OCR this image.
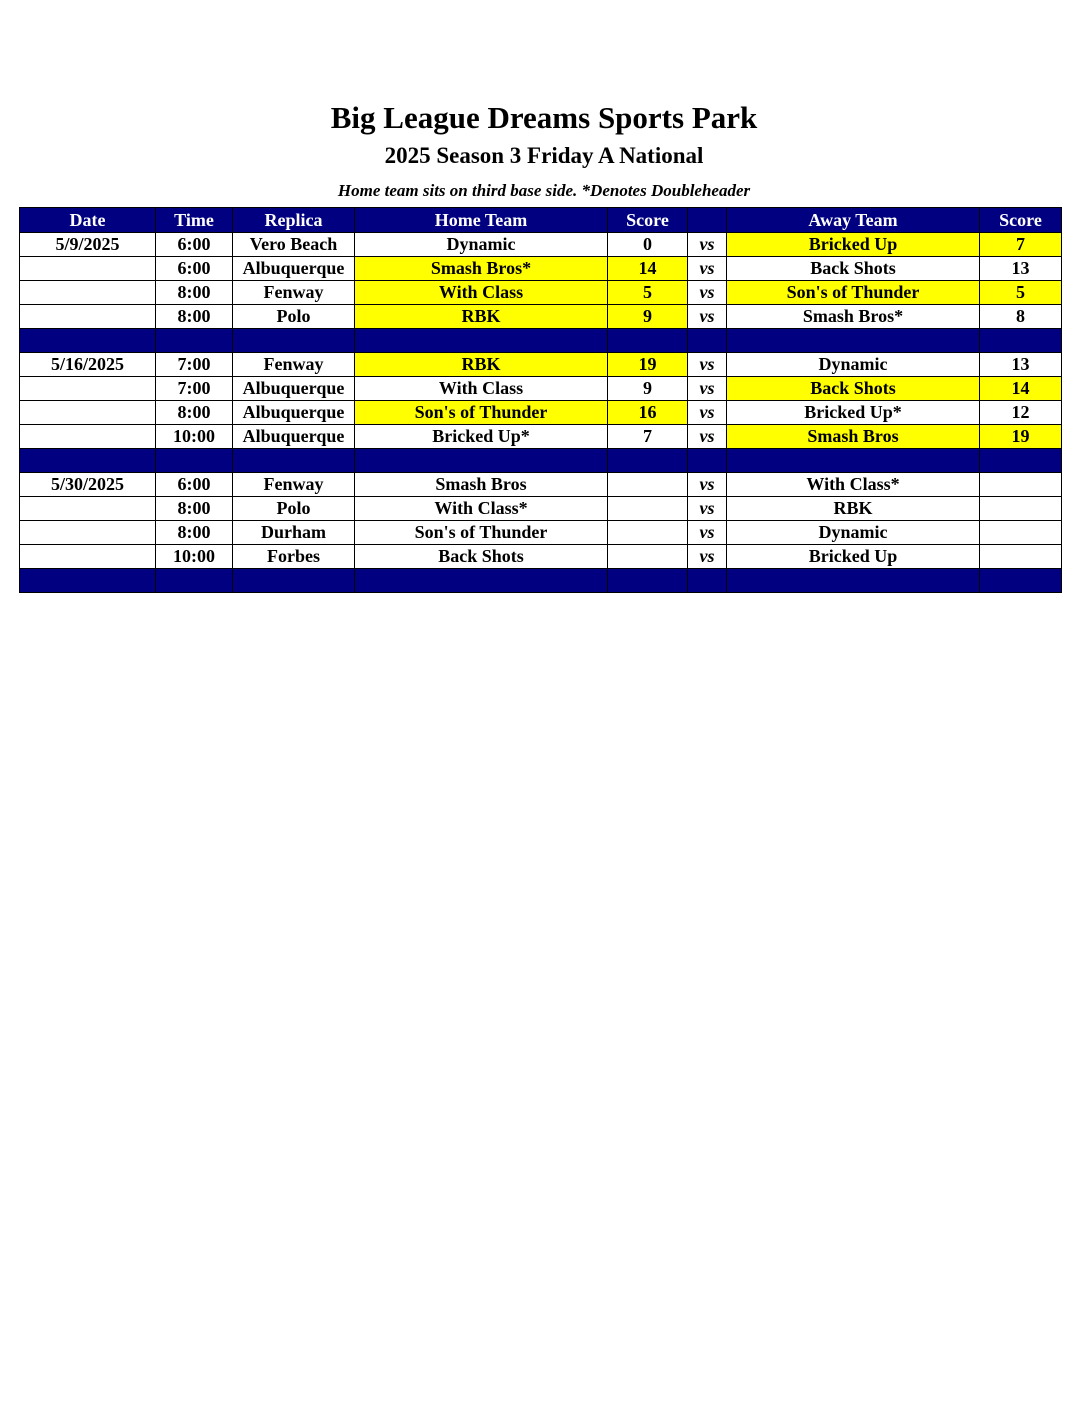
Big League Dreams Sports Park
2025 Season 3 Friday A National
Home team sits on third base side. *Denotes Doubleheader
Date	Time	Replica	Home Team	Score		Away Team	Score
5/9/2025	6:00	Vero Beach	Dynamic	0	vs	Bricked Up	7
	6:00	Albuquerque	Smash Bros*	14	vs	Back Shots	13
	8:00	Fenway	With Class	5	vs	Son's of Thunder	5
	8:00	Polo	RBK	9	vs	Smash Bros*	8

5/16/2025	7:00	Fenway	RBK	19	vs	Dynamic	13
	7:00	Albuquerque	With Class	9	vs	Back Shots	14
	8:00	Albuquerque	Son's of Thunder	16	vs	Bricked Up*	12
	10:00	Albuquerque	Bricked Up*	7	vs	Smash Bros	19

5/30/2025	6:00	Fenway	Smash Bros		vs	With Class*	
	8:00	Polo	With Class*		vs	RBK	
	8:00	Durham	Son's of Thunder		vs	Dynamic	
	10:00	Forbes	Back Shots		vs	Bricked Up	
